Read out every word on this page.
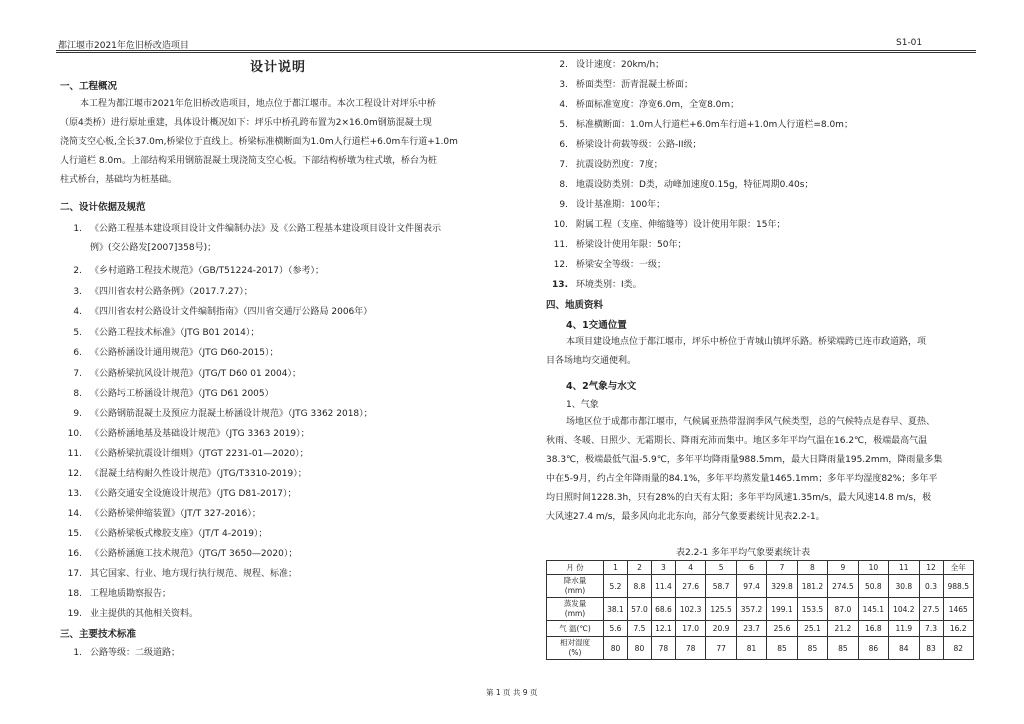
都江堰市2021年危旧桥改造项目	S1-01
设计说明
一、工程概况
本工程为都江堰市2021年危旧桥改造项目，地点位于都江堰市。本次工程设计对坪乐中桥
（原4类桥）进行原址重建，具体设计概况如下：坪乐中桥孔跨布置为2×16.0m钢筋混凝土现
浇简支空心板,全长37.0m,桥梁位于直线上。桥梁标准横断面为1.0m人行道栏+6.0m车行道+1.0m
人行道栏 8.0m。上部结构采用钢筋混凝土现浇简支空心板。下部结构桥墩为柱式墩，桥台为桩
柱式桥台，基础均为桩基础。
二、设计依据及规范
1. 《公路工程基本建设项目设计文件编制办法》及《公路工程基本建设项目设计文件图表示
例》(交公路发[2007]358号)；
2. 《乡村道路工程技术规范》（GB/T51224-2017）（参考）；
3. 《四川省农村公路条例》（2017.7.27）；
4. 《四川省农村公路设计文件编制指南》（四川省交通厅公路局 2006年）
5. 《公路工程技术标准》（JTG B01 2014）；
6. 《公路桥涵设计通用规范》（JTG D60-2015）；
7. 《公路桥梁抗风设计规范》（JTG/T D60 01 2004）；
8. 《公路圬工桥涵设计规范》（JTG D61 2005）
9. 《公路钢筋混凝土及预应力混凝土桥涵设计规范》（JTG 3362 2018）；
10. 《公路桥涵地基及基础设计规范》（JTG 3363 2019）；
11. 《公路桥梁抗震设计细则》（JTGT 2231-01—2020）；
12. 《混凝土结构耐久性设计规范》（JTG/T3310-2019）；
13. 《公路交通安全设施设计规范》（JTG D81-2017）；
14. 《公路桥梁伸缩装置》（JT/T 327-2016）；
15. 《公路桥梁板式橡胶支座》（JT/T 4-2019）；
16. 《公路桥涵施工技术规范》（JTG/T 3650—2020）；
17. 其它国家、行业、地方现行执行规范、规程、标准；
18. 工程地质勘察报告；
19. 业主提供的其他相关资料。
三、主要技术标准
1. 公路等级：二级道路；
2. 设计速度：20km/h；
3. 桥面类型：沥青混凝土桥面；
4. 桥面标准宽度：净宽6.0m，全宽8.0m；
5. 标准横断面：1.0m人行道栏+6.0m车行道+1.0m人行道栏=8.0m；
6. 桥梁设计荷载等级：公路-II级；
7. 抗震设防烈度：7度；
8. 地震设防类别：D类，动峰加速度0.15g，特征周期0.40s；
9. 设计基准期：100年；
10. 附属工程（支座、伸缩缝等）设计使用年限：15年；
11. 桥梁设计使用年限：50年；
12. 桥梁安全等级：一级；
13. 环境类别：I类。
四、地质资料
4、1交通位置
本项目建设地点位于都江堰市，坪乐中桥位于青城山镇坪乐路。桥梁端跨已连市政道路，项
目各场地均交通便利。
4、2气象与水文
1、气象
场地区位于成都市都江堰市，气候属亚热带湿润季风气候类型，总的气候特点是春早、夏热、
秋雨、冬暖、日照少、无霜期长、降雨充沛而集中。地区多年平均气温在16.2℃，极端最高气温
38.3℃，极端最低气温-5.9℃，多年平均降雨量988.5mm，最大日降雨量195.2mm，降雨量多集
中在5-9月，约占全年降雨量的84.1%，多年平均蒸发量1465.1mm；多年平均湿度82%；多年平
均日照时间1228.3h，只有28%的白天有太阳；多年平均风速1.35m/s，最大风速14.8 m/s，极
大风速27.4 m/s，最多风向北北东向，部分气象要素统计见表2.2-1。
表2.2-1 多年平均气象要素统计表
月 份	1	2	3	4	5	6	7	8	9	10	11	12	全年
降水量
(mm)	5.2	8.8	11.4	27.6	58.7	97.4	329.8	181.2	274.5	50.8	30.8	0.3	988.5
蒸发量
(mm)	38.1	57.0	68.6	102.3	125.5	357.2	199.1	153.5	87.0	145.1	104.2	27.5	1465
气 温(℃)	5.6	7.5	12.1	17.0	20.9	23.7	25.6	25.1	21.2	16.8	11.9	7.3	16.2
相对湿度
(%)	80	80	78	78	77	81	85	85	85	86	84	83	82
第 1 页 共 9 页
